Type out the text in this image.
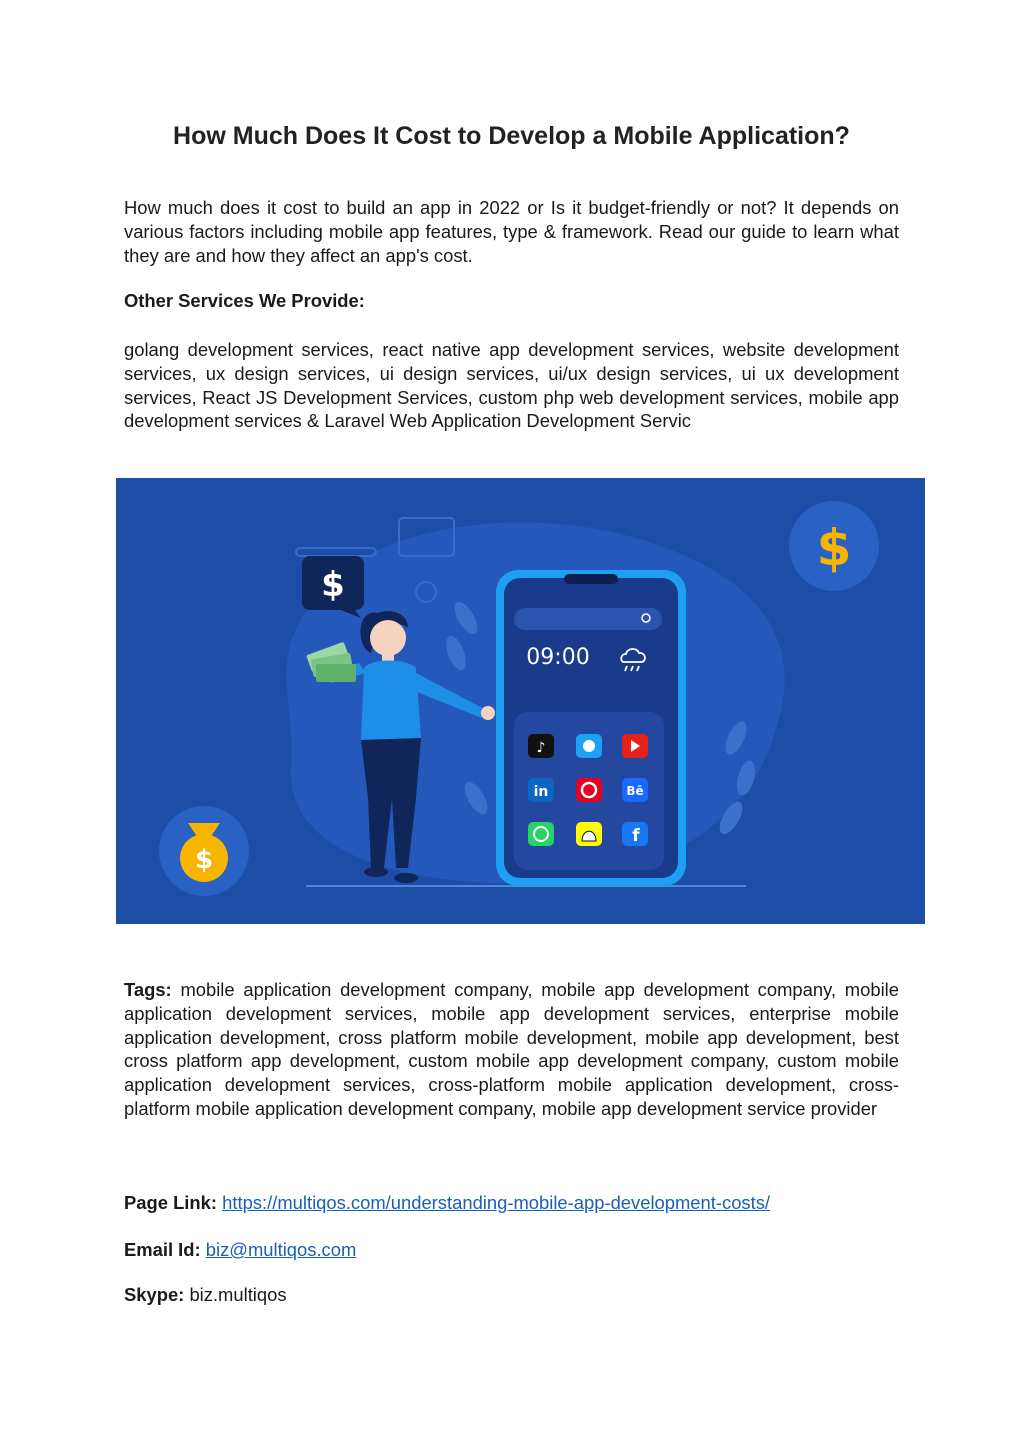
How Much Does It Cost to Develop a Mobile Application?

How much does it cost to build an app in 2022 or Is it budget-friendly or not? It depends on various factors including mobile app features, type & framework. Read our guide to learn what they are and how they affect an app's cost.

Other Services We Provide:

golang development services, react native app development services, website development services, ux design services, ui design services, ui/ux design services, ui ux development services, React JS Development Services, custom php web development services, mobile app development services & Laravel Web Application Development Servic

$
$
$
09:00
♪
in	Bē
f

Tags: mobile application development company, mobile app development company, mobile application development services, mobile app development services, enterprise mobile application development, cross platform mobile development, mobile app development, best cross platform app development, custom mobile app development company, custom mobile application development services, cross-platform mobile application development, cross-platform mobile application development company, mobile app development service provider

Page Link: https://multiqos.com/understanding-mobile-app-development-costs/

Email Id: biz@multiqos.com

Skype: biz.multiqos
